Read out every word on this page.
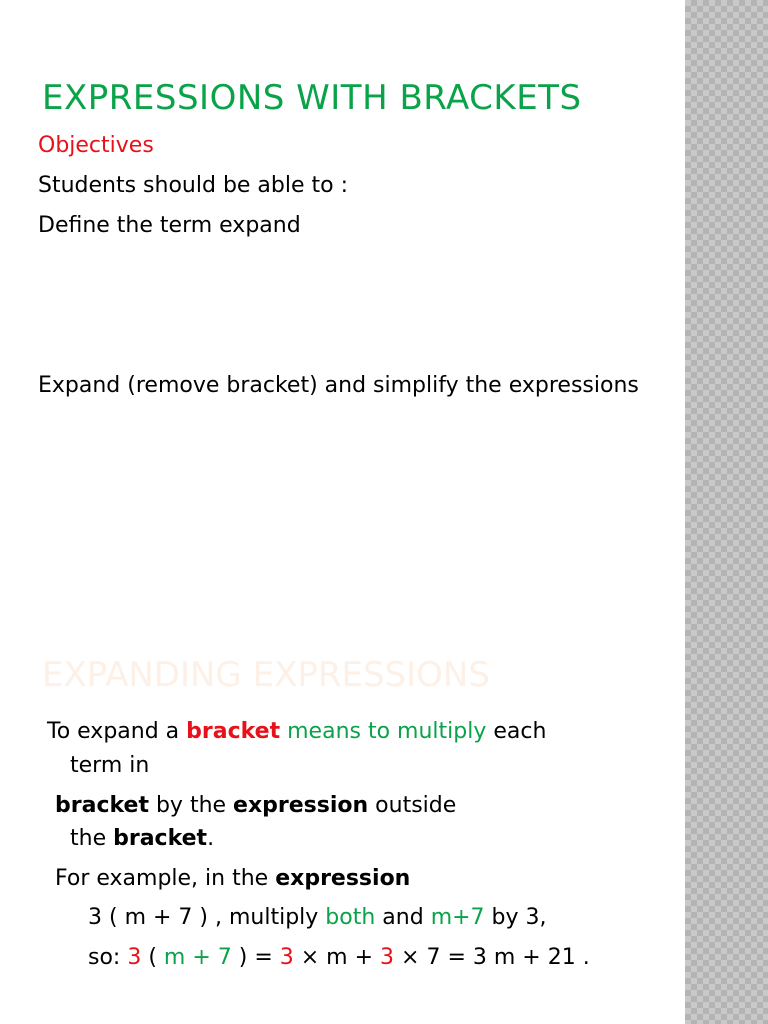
EXPRESSIONS WITH BRACKETS
Objectives
Students should be able to :
Define the term expand
Expand (remove bracket) and simplify the expressions
EXPANDING EXPRESSIONS
To expand a bracket means to multiply each
term in
bracket by the expression outside
the bracket.
For example, in the expression
3 ( m + 7 ) , multiply both and m+7 by 3,
so: 3 ( m + 7 ) = 3 × m + 3 × 7 = 3 m + 21 .
